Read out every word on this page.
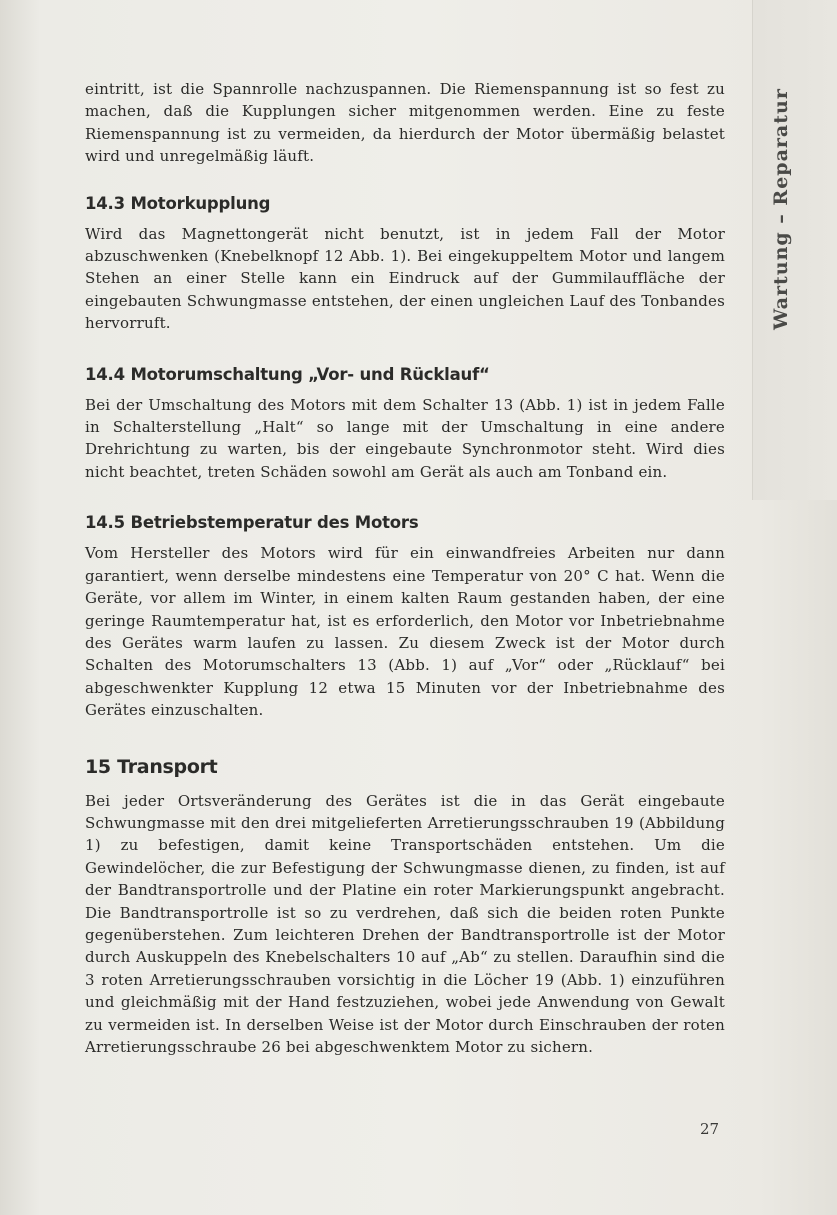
Wartung – Reparatur

eintritt, ist die Spannrolle nachzuspannen. Die Riemenspannung ist so fest zu machen, daß die Kupplungen sicher mitgenommen werden. Eine zu feste Riemenspannung ist zu vermeiden, da hierdurch der Motor übermäßig belastet wird und unregelmäßig läuft.

14.3 Motorkupplung

Wird das Magnettongerät nicht benutzt, ist in jedem Fall der Motor abzuschwenken (Knebelknopf 12 Abb. 1). Bei eingekuppeltem Motor und langem Stehen an einer Stelle kann ein Eindruck auf der Gummilauffläche der eingebauten Schwungmasse entstehen, der einen ungleichen Lauf des Tonbandes hervorruft.

14.4 Motorumschaltung „Vor- und Rücklauf“

Bei der Umschaltung des Motors mit dem Schalter 13 (Abb. 1) ist in jedem Falle in Schalterstellung „Halt“ so lange mit der Umschaltung in eine andere Drehrichtung zu warten, bis der eingebaute Synchronmotor steht. Wird dies nicht beachtet, treten Schäden sowohl am Gerät als auch am Tonband ein.

14.5 Betriebstemperatur des Motors

Vom Hersteller des Motors wird für ein einwandfreies Arbeiten nur dann garantiert, wenn derselbe mindestens eine Temperatur von 20° C hat. Wenn die Geräte, vor allem im Winter, in einem kalten Raum gestanden haben, der eine geringe Raumtemperatur hat, ist es erforderlich, den Motor vor Inbetriebnahme des Gerätes warm laufen zu lassen. Zu diesem Zweck ist der Motor durch Schalten des Motorumschalters 13 (Abb. 1) auf „Vor“ oder „Rücklauf“ bei abgeschwenkter Kupplung 12 etwa 15 Minuten vor der Inbetriebnahme des Gerätes einzuschalten.

15 Transport

Bei jeder Ortsveränderung des Gerätes ist die in das Gerät eingebaute Schwungmasse mit den drei mitgelieferten Arretierungsschrauben 19 (Abbildung 1) zu befestigen, damit keine Transportschäden entstehen. Um die Gewindelöcher, die zur Befestigung der Schwungmasse dienen, zu finden, ist auf der Bandtransportrolle und der Platine ein roter Markierungspunkt angebracht. Die Bandtransportrolle ist so zu verdrehen, daß sich die beiden roten Punkte gegenüberstehen. Zum leichteren Drehen der Bandtransportrolle ist der Motor durch Auskuppeln des Knebelschalters 10 auf „Ab“ zu stellen. Daraufhin sind die 3 roten Arretierungsschrauben vorsichtig in die Löcher 19 (Abb. 1) einzuführen und gleichmäßig mit der Hand festzuziehen, wobei jede Anwendung von Gewalt zu vermeiden ist. In derselben Weise ist der Motor durch Einschrauben der roten Arretierungsschraube 26 bei abgeschwenktem Motor zu sichern.

27
